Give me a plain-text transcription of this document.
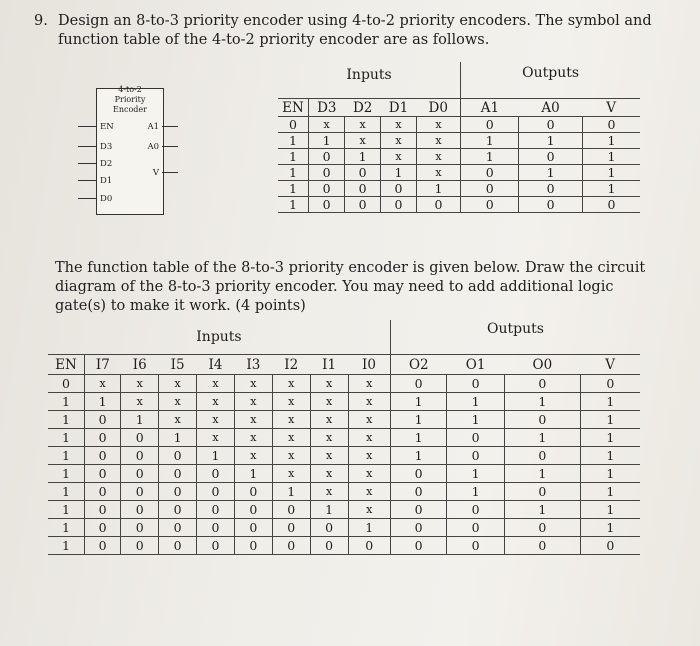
9. Design an 8-to-3 priority encoder using 4-to-2 priority encoders. The symbol and function table of the 4-to-2 priority encoder are as follows.
4-to-2
Priority Encoder
EN
D3
D2
D1
D0
A1
A0
V
Inputs					Outputs		
EN	D3	D2	D1	D0	A1	A0	V
0	x	x	x	x	0	0	0
1	1	x	x	x	1	1	1
1	0	1	x	x	1	0	1
1	0	0	1	x	0	1	1
1	0	0	0	1	0	0	1
1	0	0	0	0	0	0	0
The function table of the 8-to-3 priority encoder is given below. Draw the circuit diagram of the 8-to-3 priority encoder. You may need to add additional logic gate(s) to make it work. (4 points)
Inputs									Outputs			
EN	I7	I6	I5	I4	I3	I2	I1	I0	O2	O1	O0	V
0	x	x	x	x	x	x	x	x	0	0	0	0
1	1	x	x	x	x	x	x	x	1	1	1	1
1	0	1	x	x	x	x	x	x	1	1	0	1
1	0	0	1	x	x	x	x	x	1	0	1	1
1	0	0	0	1	x	x	x	x	1	0	0	1
1	0	0	0	0	1	x	x	x	0	1	1	1
1	0	0	0	0	0	1	x	x	0	1	0	1
1	0	0	0	0	0	0	1	x	0	0	1	1
1	0	0	0	0	0	0	0	1	0	0	0	1
1	0	0	0	0	0	0	0	0	0	0	0	0
